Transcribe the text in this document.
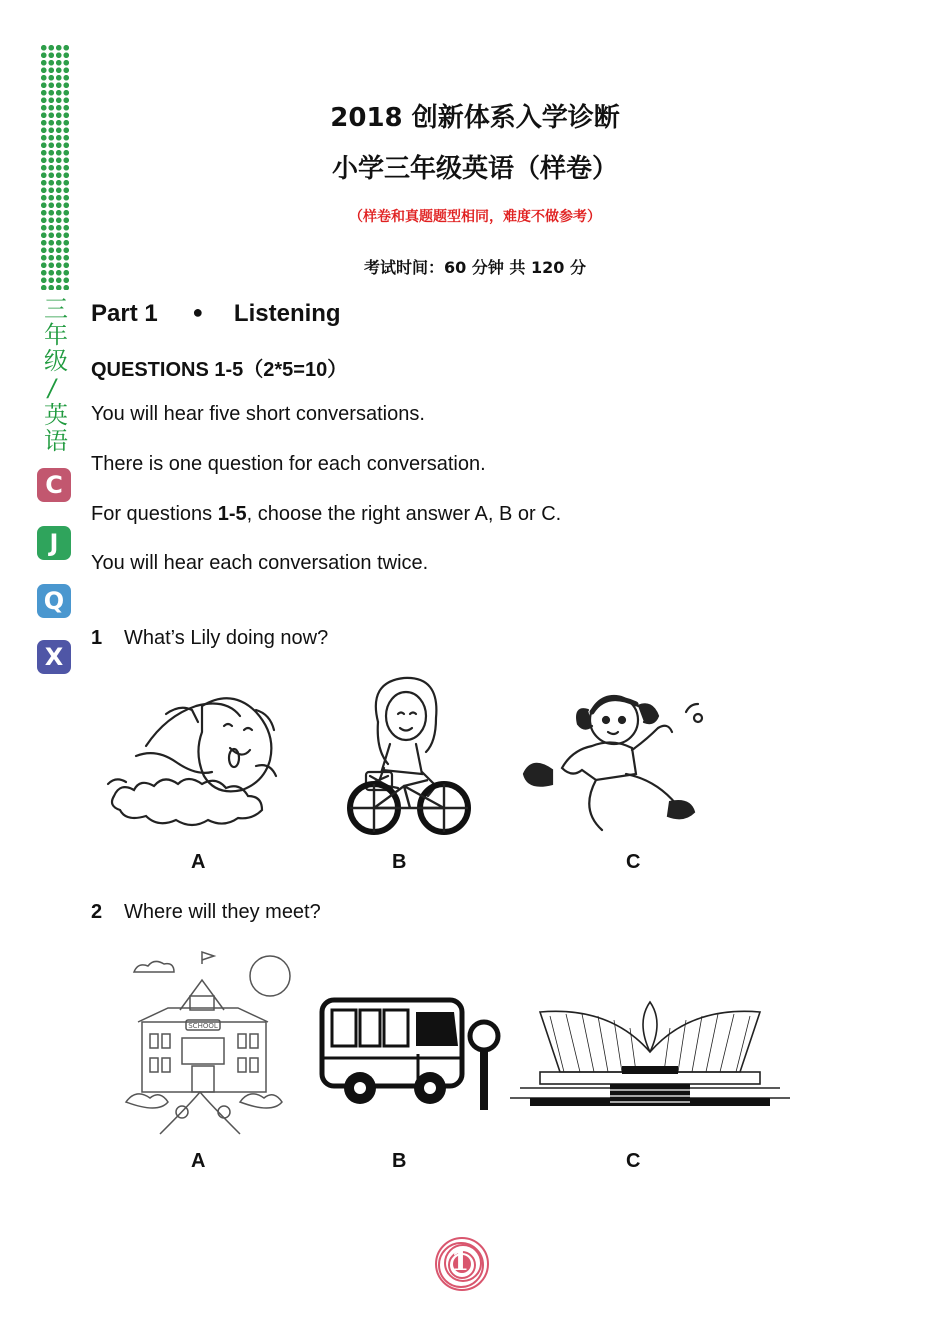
三
年
级
/
英
语
C
J
Q
X
2018 创新体系入学诊断
小学三年级英语（样卷）
（样卷和真题题型相同，难度不做参考）
考试时间：60 分钟 共 120 分
Part 1 ● Listening
QUESTIONS 1-5（2*5=10）
You will hear five short conversations.
There is one question for each conversation.
For questions 1-5, choose the right answer A, B or C.
You will hear each conversation twice.
1 What’s Lily doing now?
A	B	C
2 Where will they meet?
SCHOOL
A	B	C
1
